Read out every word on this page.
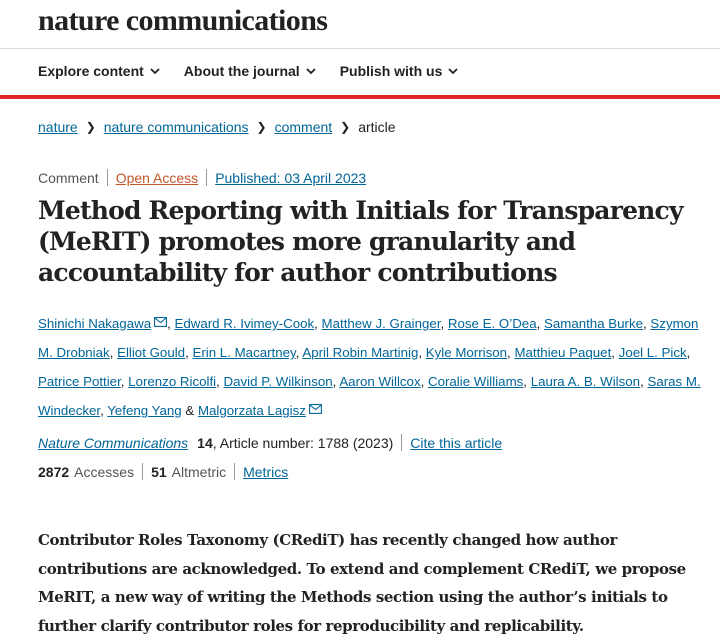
nature communications
Explore content	About the journal	Publish with us
nature ❯ nature communications ❯ comment ❯ article
Comment Open Access Published: 03 April 2023
Method Reporting with Initials for Transparency (MeRIT) promotes more granularity and accountability for author contributions
Shinichi Nakagawa , Edward R. Ivimey-Cook, Matthew J. Grainger, Rose E. O’Dea, Samantha Burke, Szymon M. Drobniak, Elliot Gould, Erin L. Macartney, April Robin Martinig, Kyle Morrison, Matthieu Paquet, Joel L. Pick, Patrice Pottier, Lorenzo Ricolfi, David P. Wilkinson, Aaron Willcox, Coralie Williams, Laura A. B. Wilson, Saras M. Windecker, Yefeng Yang & Malgorzata Lagisz
Nature Communications 14 , Article number: 1788 (2023) Cite this article
2872 Accesses 51 Altmetric Metrics

Contributor Roles Taxonomy (CRediT) has recently changed how author contributions are acknowledged. To extend and complement CRediT, we propose MeRIT, a new way of writing the Methods section using the author’s initials to further clarify contributor roles for reproducibility and replicability.
